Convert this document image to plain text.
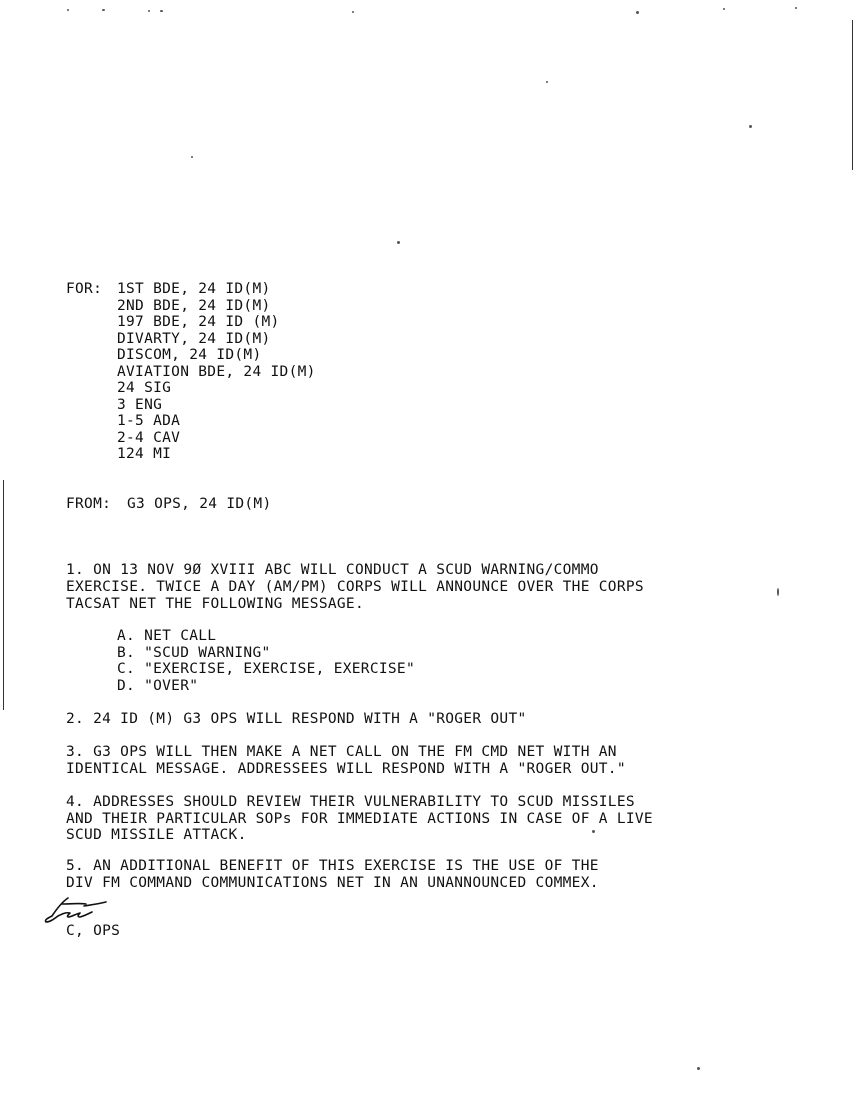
FOR: 1ST BDE, 24 ID(M)
2ND BDE, 24 ID(M)
197 BDE, 24 ID (M)
DIVARTY, 24 ID(M)
DISCOM, 24 ID(M)
AVIATION BDE, 24 ID(M)
24 SIG
3 ENG
1-5 ADA
2-4 CAV
124 MI
FROM: G3 OPS, 24 ID(M)
1. ON 13 NOV 9Ø XVIII ABC WILL CONDUCT A SCUD WARNING/COMMO
EXERCISE. TWICE A DAY (AM/PM) CORPS WILL ANNOUNCE OVER THE CORPS
TACSAT NET THE FOLLOWING MESSAGE.
A. NET CALL
B. "SCUD WARNING"
C. "EXERCISE, EXERCISE, EXERCISE"
D. "OVER"
2. 24 ID (M) G3 OPS WILL RESPOND WITH A "ROGER OUT"
3. G3 OPS WILL THEN MAKE A NET CALL ON THE FM CMD NET WITH AN
IDENTICAL MESSAGE. ADDRESSEES WILL RESPOND WITH A "ROGER OUT."
4. ADDRESSES SHOULD REVIEW THEIR VULNERABILITY TO SCUD MISSILES
AND THEIR PARTICULAR SOPs FOR IMMEDIATE ACTIONS IN CASE OF A LIVE
SCUD MISSILE ATTACK.
5. AN ADDITIONAL BENEFIT OF THIS EXERCISE IS THE USE OF THE
DIV FM COMMAND COMMUNICATIONS NET IN AN UNANNOUNCED COMMEX.
C, OPS
